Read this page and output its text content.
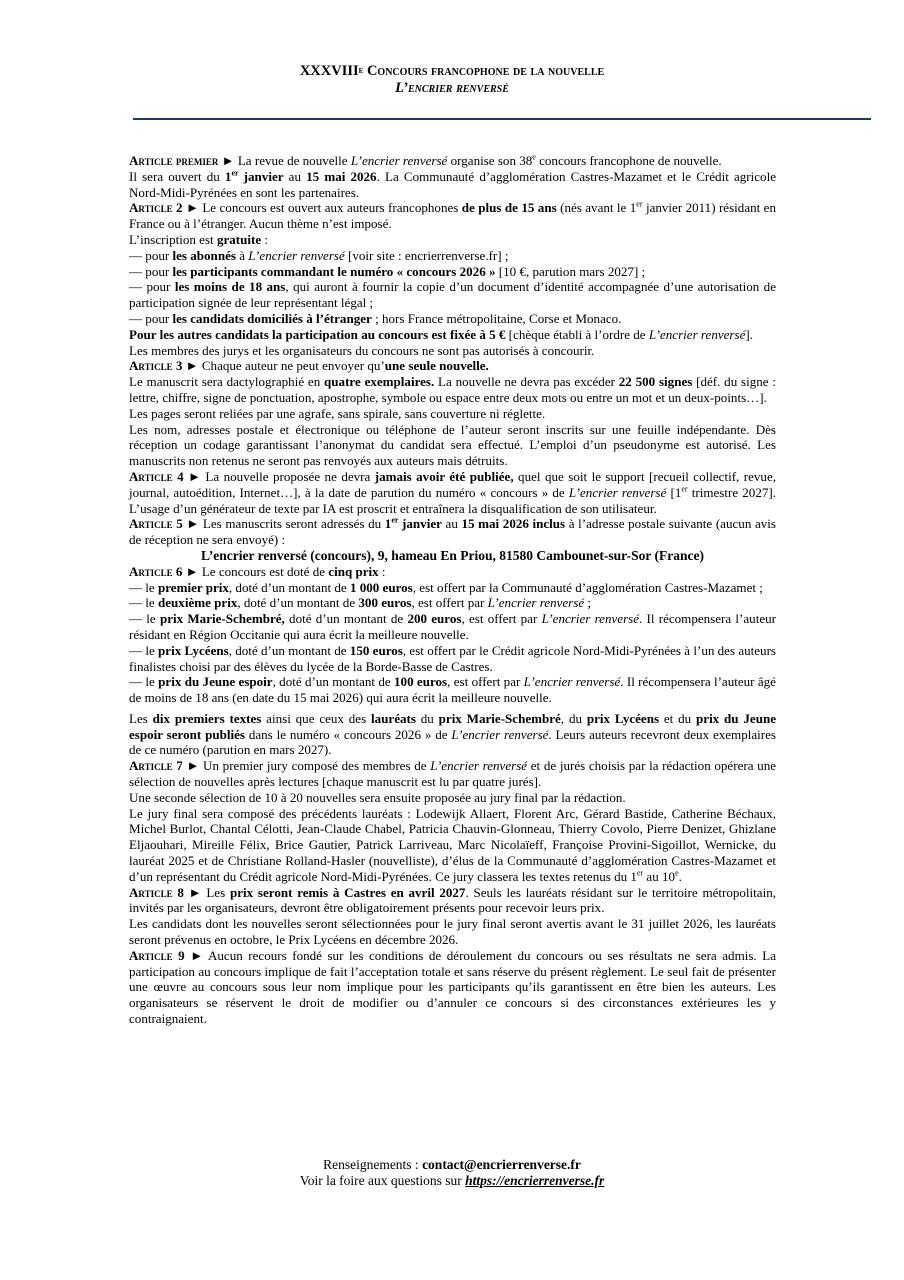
XXXVIIIe Concours francophone de la nouvelle
L’encrier renversé

Article premier ► La revue de nouvelle L’encrier renversé organise son 38e concours francophone de nouvelle.

Il sera ouvert du 1er janvier au 15 mai 2026. La Communauté d’agglomération Castres-Mazamet et le Crédit agricole Nord-Midi-Pyrénées en sont les partenaires.

Article 2 ► Le concours est ouvert aux auteurs francophones de plus de 15 ans (nés avant le 1er janvier 2011) résidant en France ou à l’étranger. Aucun thème n’est imposé.

L’inscription est gratuite :

— pour les abonnés à L’encrier renversé [voir site : encrierrenverse.fr] ;

— pour les participants commandant le numéro « concours 2026 » [10 €, parution mars 2027] ;

— pour les moins de 18 ans, qui auront à fournir la copie d’un document d’identité accompagnée d’une autorisation de participation signée de leur représentant légal ;

— pour les candidats domiciliés à l’étranger ; hors France métropolitaine, Corse et Monaco.

Pour les autres candidats la participation au concours est fixée à 5 € [chèque établi à l’ordre de L’encrier renversé].

Les membres des jurys et les organisateurs du concours ne sont pas autorisés à concourir.

Article 3 ► Chaque auteur ne peut envoyer qu’une seule nouvelle.

Le manuscrit sera dactylographié en quatre exemplaires. La nouvelle ne devra pas excéder 22 500 signes [déf. du signe : lettre, chiffre, signe de ponctuation, apostrophe, symbole ou espace entre deux mots ou entre un mot et un deux-points…].

Les pages seront reliées par une agrafe, sans spirale, sans couverture ni réglette.

Les nom, adresses postale et électronique ou téléphone de l’auteur seront inscrits sur une feuille indépendante. Dès réception un codage garantissant l’anonymat du candidat sera effectué. L’emploi d’un pseudonyme est autorisé. Les manuscrits non retenus ne seront pas renvoyés aux auteurs mais détruits.

Article 4 ► La nouvelle proposée ne devra jamais avoir été publiée, quel que soit le support [recueil collectif, revue, journal, autoédition, Internet…], à la date de parution du numéro « concours » de L’encrier renversé [1er trimestre 2027]. L’usage d’un générateur de texte par IA est proscrit et entraînera la disqualification de son utilisateur.

Article 5 ► Les manuscrits seront adressés du 1er janvier au 15 mai 2026 inclus à l’adresse postale suivante (aucun avis de réception ne sera envoyé) :

L’encrier renversé (concours), 9, hameau En Priou, 81580 Cambounet-sur-Sor (France)

Article 6 ► Le concours est doté de cinq prix :

— le premier prix, doté d’un montant de 1 000 euros, est offert par la Communauté d’agglomération Castres-Mazamet ;

— le deuxième prix, doté d’un montant de 300 euros, est offert par L’encrier renversé ;

— le prix Marie-Schembré, doté d’un montant de 200 euros, est offert par L’encrier renversé. Il récompensera l’auteur résidant en Région Occitanie qui aura écrit la meilleure nouvelle.

— le prix Lycéens, doté d’un montant de 150 euros, est offert par le Crédit agricole Nord-Midi-Pyrénées à l’un des auteurs finalistes choisi par des élèves du lycée de la Borde-Basse de Castres.

— le prix du Jeune espoir, doté d’un montant de 100 euros, est offert par L’encrier renversé. Il récompensera l’auteur âgé de moins de 18 ans (en date du 15 mai 2026) qui aura écrit la meilleure nouvelle.

Les dix premiers textes ainsi que ceux des lauréats du prix Marie-Schembré, du prix Lycéens et du prix du Jeune espoir seront publiés dans le numéro « concours 2026 » de L’encrier renversé. Leurs auteurs recevront deux exemplaires de ce numéro (parution en mars 2027).

Article 7 ► Un premier jury composé des membres de L’encrier renversé et de jurés choisis par la rédaction opérera une sélection de nouvelles après lectures [chaque manuscrit est lu par quatre jurés].

Une seconde sélection de 10 à 20 nouvelles sera ensuite proposée au jury final par la rédaction.

Le jury final sera composé des précédents lauréats : Lodewijk Allaert, Florent Arc, Gérard Bastide, Catherine Béchaux, Michel Burlot, Chantal Célotti, Jean-Claude Chabel, Patricia Chauvin-Glonneau, Thierry Covolo, Pierre Denizet, Ghizlane Eljaouhari, Mireille Félix, Brice Gautier, Patrick Larriveau, Marc Nicolaïeff, Françoise Provini-Sigoillot, Wernicke, du lauréat 2025 et de Christiane Rolland-Hasler (nouvelliste), d’élus de la Communauté d’agglomération Castres-Mazamet et d’un représentant du Crédit agricole Nord-Midi-Pyrénées. Ce jury classera les textes retenus du 1er au 10e.

Article 8 ► Les prix seront remis à Castres en avril 2027. Seuls les lauréats résidant sur le territoire métropolitain, invités par les organisateurs, devront être obligatoirement présents pour recevoir leurs prix.

Les candidats dont les nouvelles seront sélectionnées pour le jury final seront avertis avant le 31 juillet 2026, les lauréats seront prévenus en octobre, le Prix Lycéens en décembre 2026.

Article 9 ► Aucun recours fondé sur les conditions de déroulement du concours ou ses résultats ne sera admis. La participation au concours implique de fait l’acceptation totale et sans réserve du présent règlement. Le seul fait de présenter une œuvre au concours sous leur nom implique pour les participants qu’ils garantissent en être bien les auteurs. Les organisateurs se réservent le droit de modifier ou d’annuler ce concours si des circonstances extérieures les y contraignaient.

Renseignements : contact@encrierrenverse.fr
Voir la foire aux questions sur https://encrierrenverse.fr
